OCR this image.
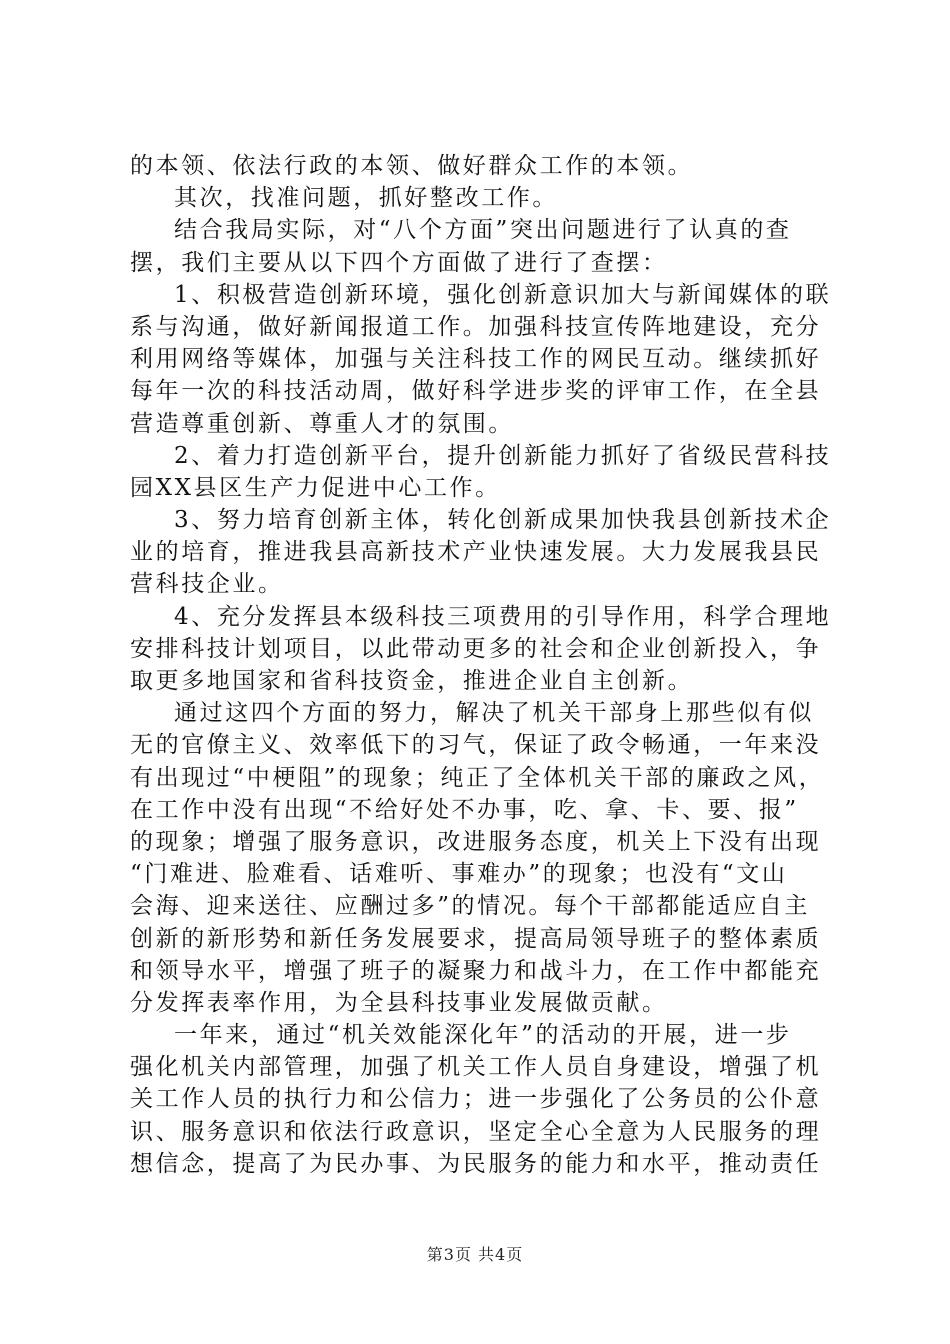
的本领、依法行政的本领、做好群众工作的本领。
其次，找准问题，抓好整改工作。
结合我局实际，对“八个方面”突出问题进行了认真的查
摆，我们主要从以下四个方面做了进行了查摆：
1、积极营造创新环境，强化创新意识加大与新闻媒体的联
系与沟通，做好新闻报道工作。加强科技宣传阵地建设，充分
利用网络等媒体，加强与关注科技工作的网民互动。继续抓好
每年一次的科技活动周，做好科学进步奖的评审工作，在全县
营造尊重创新、尊重人才的氛围。
2、着力打造创新平台，提升创新能力抓好了省级民营科技
园XX县区生产力促进中心工作。
3、努力培育创新主体，转化创新成果加快我县创新技术企
业的培育，推进我县高新技术产业快速发展。大力发展我县民
营科技企业。
4、充分发挥县本级科技三项费用的引导作用，科学合理地
安排科技计划项目，以此带动更多的社会和企业创新投入，争
取更多地国家和省科技资金，推进企业自主创新。
通过这四个方面的努力，解决了机关干部身上那些似有似
无的官僚主义、效率低下的习气，保证了政令畅通，一年来没
有出现过“中梗阻”的现象；纯正了全体机关干部的廉政之风，
在工作中没有出现“不给好处不办事，吃、拿、卡、要、报”
的现象；增强了服务意识，改进服务态度，机关上下没有出现
“门难进、脸难看、话难听、事难办”的现象；也没有“文山
会海、迎来送往、应酬过多”的情况。每个干部都能适应自主
创新的新形势和新任务发展要求，提高局领导班子的整体素质
和领导水平，增强了班子的凝聚力和战斗力，在工作中都能充
分发挥表率作用，为全县科技事业发展做贡献。
一年来，通过“机关效能深化年”的活动的开展，进一步
强化机关内部管理，加强了机关工作人员自身建设，增强了机
关工作人员的执行力和公信力；进一步强化了公务员的公仆意
识、服务意识和依法行政意识，坚定全心全意为人民服务的理
想信念，提高了为民办事、为民服务的能力和水平，推动责任
第3页 共4页
